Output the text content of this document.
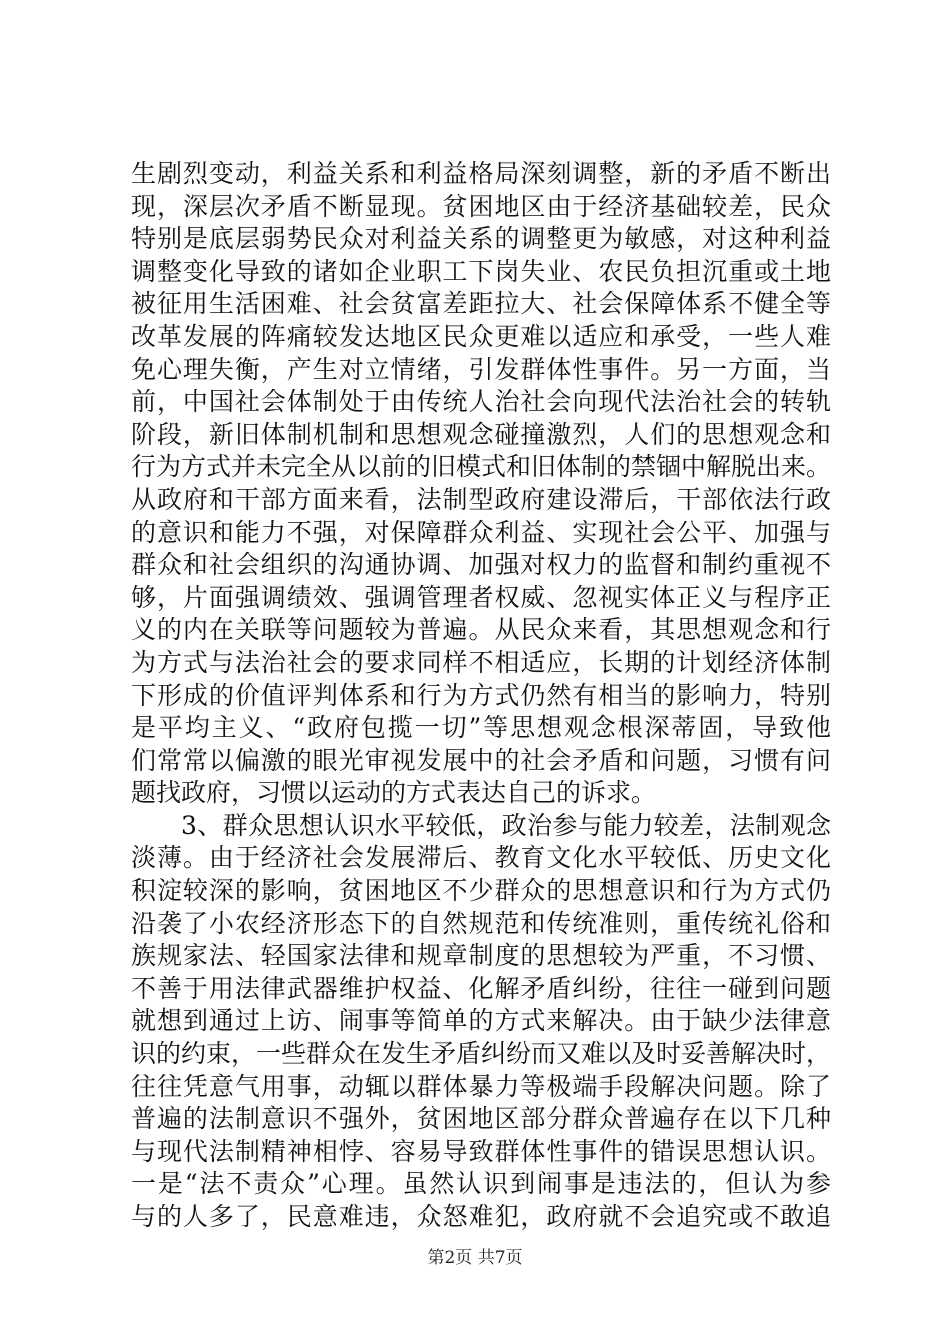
生剧烈变动，利益关系和利益格局深刻调整，新的矛盾不断出
现，深层次矛盾不断显现。贫困地区由于经济基础较差，民众
特别是底层弱势民众对利益关系的调整更为敏感，对这种利益
调整变化导致的诸如企业职工下岗失业、农民负担沉重或土地
被征用生活困难、社会贫富差距拉大、社会保障体系不健全等
改革发展的阵痛较发达地区民众更难以适应和承受，一些人难
免心理失衡，产生对立情绪，引发群体性事件。另一方面，当
前，中国社会体制处于由传统人治社会向现代法治社会的转轨
阶段，新旧体制机制和思想观念碰撞激烈，人们的思想观念和
行为方式并未完全从以前的旧模式和旧体制的禁锢中解脱出来。
从政府和干部方面来看，法制型政府建设滞后，干部依法行政
的意识和能力不强，对保障群众利益、实现社会公平、加强与
群众和社会组织的沟通协调、加强对权力的监督和制约重视不
够，片面强调绩效、强调管理者权威、忽视实体正义与程序正
义的内在关联等问题较为普遍。从民众来看，其思想观念和行
为方式与法治社会的要求同样不相适应，长期的计划经济体制
下形成的价值评判体系和行为方式仍然有相当的影响力，特别
是平均主义、“政府包揽一切”等思想观念根深蒂固，导致他
们常常以偏激的眼光审视发展中的社会矛盾和问题，习惯有问
题找政府，习惯以运动的方式表达自己的诉求。
3、群众思想认识水平较低，政治参与能力较差，法制观念
淡薄。由于经济社会发展滞后、教育文化水平较低、历史文化
积淀较深的影响，贫困地区不少群众的思想意识和行为方式仍
沿袭了小农经济形态下的自然规范和传统准则，重传统礼俗和
族规家法、轻国家法律和规章制度的思想较为严重，不习惯、
不善于用法律武器维护权益、化解矛盾纠纷，往往一碰到问题
就想到通过上访、闹事等简单的方式来解决。由于缺少法律意
识的约束，一些群众在发生矛盾纠纷而又难以及时妥善解决时，
往往凭意气用事，动辄以群体暴力等极端手段解决问题。除了
普遍的法制意识不强外，贫困地区部分群众普遍存在以下几种
与现代法制精神相悖、容易导致群体性事件的错误思想认识。
一是“法不责众”心理。虽然认识到闹事是违法的，但认为参
与的人多了，民意难违，众怒难犯，政府就不会追究或不敢追
第2页 共7页
